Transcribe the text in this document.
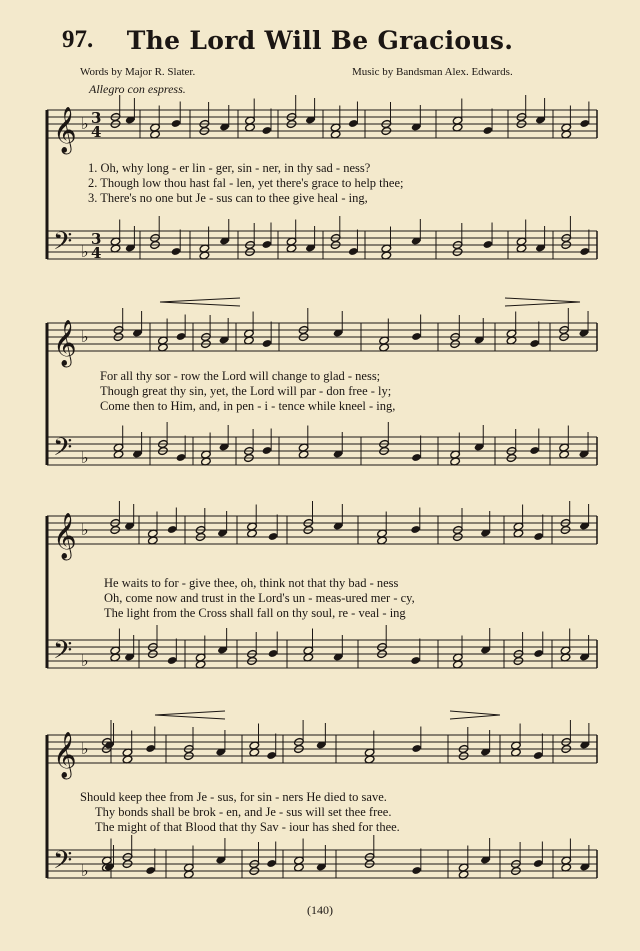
97.	The Lord Will Be Gracious.
Words by Major R. Slater.	Music by Bandsman Alex. Edwards.
Allegro con espress.
𝄞
𝄢
♭
♭
3
4
3
4
𝄞
𝄢
♭
♭
𝄞
𝄢
♭
♭
𝄞
𝄢
♭
♭
1. Oh, why long - er lin - ger, sin - ner, in thy sad - ness?
2. Though low thou hast fal - len, yet there's grace to help thee;
3. There's no one but Je - sus can to thee give heal - ing,
For all thy sor - row the Lord will change to glad - ness;
Though great thy sin, yet, the Lord will par - don free - ly;
Come then to Him, and, in pen - i - tence while kneel - ing,
He waits to for - give thee, oh, think not that thy bad - ness
Oh, come now and trust in the Lord's un - meas-ured mer - cy,
The light from the Cross shall fall on thy soul, re - veal - ing
Should keep thee from Je - sus, for sin - ners He died to save.
Thy bonds shall be brok - en, and Je - sus will set thee free.
The might of that Blood that thy Sav - iour has shed for thee.
(140)
